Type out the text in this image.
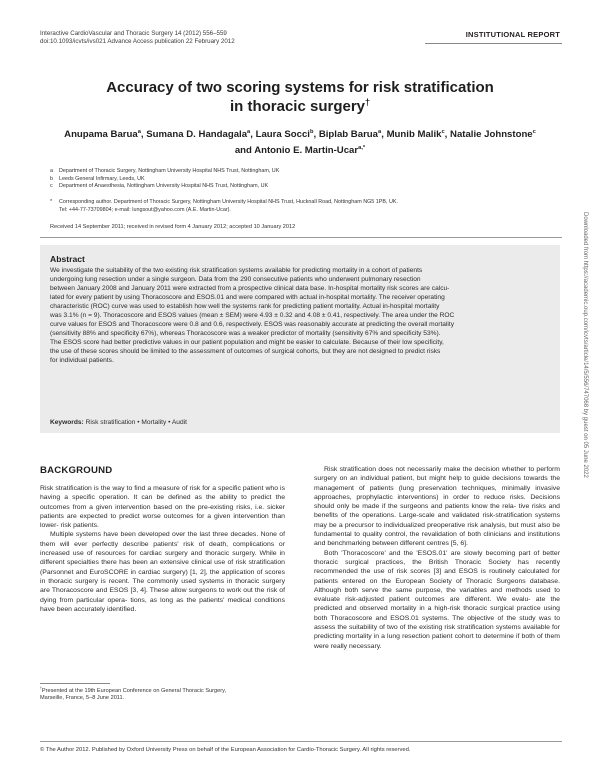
Interactive CardioVascular and Thoracic Surgery 14 (2012) 556–559
doi:10.1093/icvts/ivs021 Advance Access publication 22 February 2012
INSTITUTIONAL REPORT
Accuracy of two scoring systems for risk stratification
in thoracic surgery†
Anupama Barua$^a$, Sumana D. Handagala$^a$, Laura Socci$^b$, Biplab Barua$^a$, Munib Malik$^c$, Natalie Johnstone$^c$
and Antonio E. Martin-Ucar$^{a,*}$
a	Department of Thoracic Surgery, Nottingham University Hospital NHS Trust, Nottingham, UK
b	Leeds General Infirmary, Leeds, UK
c	Department of Anaesthesia, Nottingham University Hospital NHS Trust, Nottingham, UK
*	Corresponding author. Department of Thoracic Surgery, Nottingham University Hospital NHS Trust, Hucknall Road, Nottingham NG5 1PB, UK.
Tel: +44-77-73709804; e-mail: lungsout@yahoo.com (A.E. Martin-Ucar).
Received 14 September 2011; received in revised form 4 January 2012; accepted 10 January 2012
Abstract
We investigate the suitability of the two existing risk stratification systems available for predicting mortality in a cohort of patients
undergoing lung resection under a single surgeon. Data from the 290 consecutive patients who underwent pulmonary resection
between January 2008 and January 2011 were extracted from a prospective clinical data base. In-hospital mortality risk scores are calcu-
lated for every patient by using Thoracoscore and ESOS.01 and were compared with actual in-hospital mortality. The receiver operating
characteristic (ROC) curve was used to establish how well the systems rank for predicting patient mortality. Actual in-hospital mortality
was 3.1% (n = 9). Thoracoscore and ESOS values (mean ± SEM) were 4.93 ± 0.32 and 4.08 ± 0.41, respectively. The area under the ROC
curve values for ESOS and Thoracoscore were 0.8 and 0.6, respectively. ESOS was reasonably accurate at predicting the overall mortality
(sensitivity 88% and specificity 67%), whereas Thoracoscore was a weaker predictor of mortality (sensitivity 67% and specificity 53%).
The ESOS score had better predictive values in our patient population and might be easier to calculate. Because of their low specificity,
the use of these scores should be limited to the assessment of outcomes of surgical cohorts, but they are not designed to predict risks
for individual patients.
Keywords: Risk stratification • Mortality • Audit
BACKGROUND

Risk stratification is the way to find a measure of risk for a specific patient who is having a specific operation. It can be defined as the ability to predict the outcomes from a given intervention based on the pre-existing risks, i.e. sicker patients are expected to predict worse outcomes for a given intervention than lower- risk patients.

Multiple systems have been developed over the last three decades. None of them will ever perfectly describe patients' risk of death, complications or increased use of resources for cardiac surgery and thoracic surgery. While in different specialties there has been an extensive clinical use of risk stratification (Parsonnet and EuroSCORE in cardiac surgery) [1, 2], the application of scores in thoracic surgery is recent. The commonly used systems in thoracic surgery are Thoracoscore and ESOS [3, 4]. These allow surgeons to work out the risk of dying from particular opera- tions, as long as the patients' medical conditions have been accurately identified.

Risk stratification does not necessarily make the decision whether to perform surgery on an individual patient, but might help to guide decisions towards the management of patients (lung preservation techniques, minimally invasive approaches, prophylactic interventions) in order to reduce risks. Decisions should only be made if the surgeons and patients know the rela- tive risks and benefits of the operations. Large-scale and validated risk-stratification systems may be a precursor to individualized preoperative risk analysis, but must also be fundamental to quality control, the revalidation of both clinicians and institutions and benchmarking between different centres [5, 6].

Both 'Thoracoscore' and the 'ESOS.01' are slowly becoming part of better thoracic surgical practices, the British Thoracic Society has recently recommended the use of risk scores [3] and ESOS is routinely calculated for patients entered on the European Society of Thoracic Surgeons database. Although both serve the same purpose, the variables and methods used to evaluate risk-adjusted patient outcomes are different. We evalu- ate the predicted and observed mortality in a high-risk thoracic surgical practice using both Thoracoscore and ESOS.01 systems. The objective of the study was to assess the suitability of two of the existing risk stratification systems available for predicting mortality in a lung resection patient cohort to determine if both of them were really necessary.

†Presented at the 19th European Conference on General Thoracic Surgery,
Marseille, France, 5–8 June 2011.
© The Author 2012. Published by Oxford University Press on behalf of the European Association for Cardio-Thoracic Surgery. All rights reserved.
Downloaded from https://academic.oup.com/icvts/article/14/5/556/747068 by guest on 05 June 2022
